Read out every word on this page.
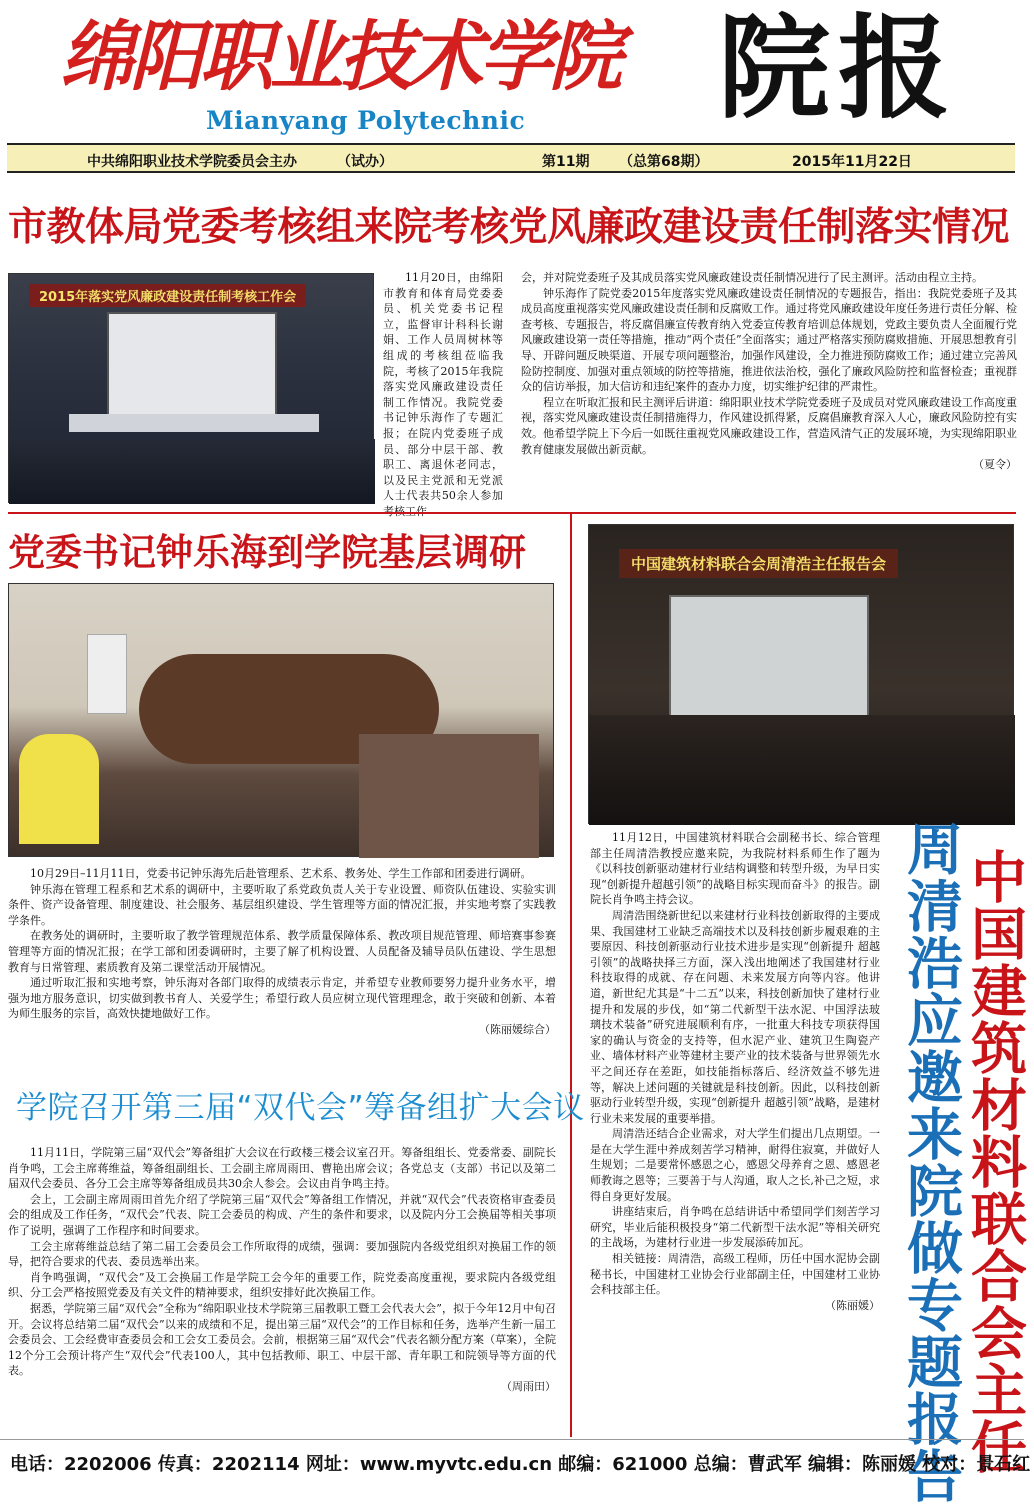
绵阳职业技术学院 院报
Mianyang Polytechnic
中共绵阳职业技术学院委员会主办	（试办）	第11期 （总第68期）	2015年11月22日
市教体局党委考核组来院考核党风廉政建设责任制落实情况
2015年落实党风廉政建设责任制考核工作会

11月20日，由绵阳市教育和体育局党委委员、机关党委书记程立，监督审计科科长谢娟、工作人员周树林等组成的考核组莅临我院，考核了2015年我院落实党风廉政建设责任制工作情况。我院党委书记钟乐海作了专题汇报；在院内党委班子成员、部分中层干部、教职工、离退休老同志，以及民主党派和无党派人士代表共50余人参加

会，并对院党委班子及其成员落实党风廉政建设责任制情况进行了民主测评。活动由程立主持。

钟乐海作了院党委2015年度落实党风廉政建设责任制情况的专题报告，指出：我院党委班子及其成员高度重视落实党风廉政建设责任制和反腐败工作。通过将党风廉政建设年度任务进行责任分解、检查考核、专题报告，将反腐倡廉宣传教育纳入党委宣传教育培训总体规划，党政主要负责人全面履行党风廉政建设第一责任等措施，推动“两个责任”全面落实；通过严格落实预防腐败措施、开展思想教育引导、开辟问题反映渠道、开展专项问题整治，加强作风建设，全力推进预防腐败工作；通过建立完善风险防控制度、加强对重点领域的防控等措施，推进依法治校，强化了廉政风险防控和监督检查；重视群众的信访举报，加大信访和违纪案件的查办力度，切实维护纪律的严肃性。

程立在听取汇报和民主测评后讲道：绵阳职业技术学院党委班子及成员对党风廉政建设工作高度重视，落实党风廉政建设责任制措施得力，作风建设抓得紧，反腐倡廉教育深入人心，廉政风险防控有实效。他希望学院上下今后一如既往重视党风廉政建设工作，营造风清气正的发展环境，为实现绵阳职业教育健康发展做出新贡献。

（夏令）
党委书记钟乐海到学院基层调研

10月29日–11月11日，党委书记钟乐海先后赴管理系、艺术系、教务处、学生工作部和团委进行调研。

钟乐海在管理工程系和艺术系的调研中，主要听取了系党政负责人关于专业设置、师资队伍建设、实验实训条件、资产设备管理、制度建设、社会服务、基层组织建设、学生管理等方面的情况汇报，并实地考察了实践教学条件。

在教务处的调研时，主要听取了教学管理规范体系、教学质量保障体系、教改项目规范管理、师培赛事参赛管理等方面的情况汇报；在学工部和团委调研时，主要了解了机构设置、人员配备及辅导员队伍建设、学生思想教育与日常管理、素质教育及第二课堂活动开展情况。

通过听取汇报和实地考察，钟乐海对各部门取得的成绩表示肯定，并希望专业教师要努力提升业务水平，增强为地方服务意识，切实做到教书育人、关爱学生；希望行政人员应树立现代管理理念，敢于突破和创新、本着为师生服务的宗旨，高效快捷地做好工作。

（陈丽媛综合）
学院召开第三届“双代会”筹备组扩大会议

11月11日，学院第三届“双代会”筹备组扩大会议在行政楼三楼会议室召开。筹备组组长、党委常委、副院长肖争鸣，工会主席蒋维益，筹备组副组长、工会副主席周雨田、曹艳出席会议；各党总支（支部）书记以及第二届双代会委员、各分工会主席等筹备组成员共30余人参会。会议由肖争鸣主持。

会上，工会副主席周雨田首先介绍了学院第三届“双代会”筹备组工作情况，并就“双代会”代表资格审查委员会的组成及工作任务，“双代会”代表、院工会委员的构成、产生的条件和要求，以及院内分工会换届等相关事项作了说明，强调了工作程序和时间要求。

工会主席蒋维益总结了第二届工会委员会工作所取得的成绩，强调：要加强院内各级党组织对换届工作的领导，把符合要求的代表、委员选举出来。

肖争鸣强调，“双代会”及工会换届工作是学院工会今年的重要工作，院党委高度重视，要求院内各级党组织、分工会严格按照党委及有关文件的精神要求，组织安排好此次换届工作。

据悉，学院第三届“双代会”全称为“绵阳职业技术学院第三届教职工暨工会代表大会”，拟于今年12月中旬召开。会议将总结第二届“双代会”以来的成绩和不足，提出第三届“双代会”的工作目标和任务，选举产生新一届工会委员会、工会经费审查委员会和工会女工委员会。会前，根据第三届“双代会”代表名额分配方案（草案），全院12个分工会预计将产生“双代会”代表100人，其中包括教师、职工、中层干部、青年职工和院领导等方面的代表。

（周雨田）
中国建筑材料联合会周清浩主任报告会

11月12日，中国建筑材料联合会副秘书长、综合管理部主任周清浩教授应邀来院，为我院材料系师生作了题为《以科技创新驱动建材行业结构调整和转型升级，为早日实现“创新提升超越引领”的战略目标实现而奋斗》的报告。副院长肖争鸣主持会议。

周清浩围绕新世纪以来建材行业科技创新取得的主要成果、我国建材工业缺乏高端技术以及科技创新步履艰难的主要原因、科技创新驱动行业技术进步是实现“创新提升 超越引领”的战略抉择三方面，深入浅出地阐述了我国建材行业科技取得的成就、存在问题、未来发展方向等内容。他讲道，新世纪尤其是“十二五”以来，科技创新加快了建材行业提升和发展的步伐，如“第二代新型干法水泥、中国浮法玻璃技术装备”研究进展顺利有序，一批重大科技专项获得国家的确认与资金的支持等，但水泥产业、建筑卫生陶瓷产业、墙体材料产业等建材主要产业的技术装备与世界领先水平之间还存在差距，如技能指标落后、经济效益不够先进等，解决上述问题的关键就是科技创新。因此，以科技创新驱动行业转型升级，实现“创新提升 超越引领”战略，是建材行业未来发展的重要举措。

周清浩还结合企业需求，对大学生们提出几点期望。一是在大学生涯中养成刻苦学习精神，耐得住寂寞，并做好人生规划；二是要常怀感恩之心，感恩父母养育之恩、感恩老师教诲之恩等；三要善于与人沟通，取人之长,补己之短，求得自身更好发展。

讲座结束后，肖争鸣在总结讲话中希望同学们刻苦学习研究，毕业后能积极投身“第二代新型干法水泥”等相关研究的主战场，为建材行业进一步发展添砖加瓦。

相关链接：周清浩，高级工程师，历任中国水泥协会副秘书长，中国建材工业协会行业部副主任，中国建材工业协会科技部主任。

（陈丽媛） 周清浩应邀来院做专题报告 中国建筑材料联合会主任
电话：2202006 传真：2202114 网址：www.myvtc.edu.cn 邮编：621000 总编：曹武军 编辑：陈丽媛 校对：景石红
